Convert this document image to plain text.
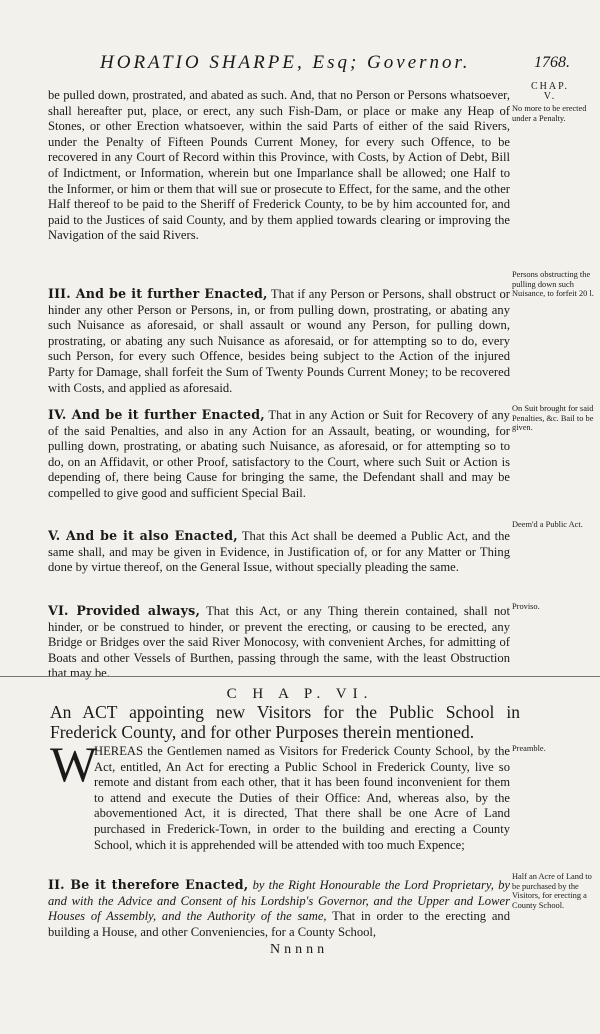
HORATIO SHARPE, Esq; Governor.	1768.
CHAP. V.
No more to be erected under a Penalty.

be pulled down, prostrated, and abated as such. And, that no Person or Persons whatsoever, shall hereafter put, place, or erect, any such Fish-Dam, or place or make any Heap of Stones, or other Erection whatsoever, within the said Parts of either of the said Rivers, under the Penalty of Fifteen Pounds Current Money, for every such Offence, to be recovered in any Court of Record within this Province, with Costs, by Action of Debt, Bill of Indictment, or Information, wherein but one Imparlance shall be allowed; one Half to the Informer, or him or them that will sue or prosecute to Effect, for the same, and the other Half thereof to be paid to the Sheriff of Frederick County, to be by him accounted for, and paid to the Justices of said County, and by them applied towards clearing or improving the Navigation of the said Rivers.

Persons obstructing the pulling down such Nuisance, to forfeit 20 l.

III. And be it further Enacted, That if any Person or Persons, shall obstruct or hinder any other Person or Persons, in, or from pulling down, prostrating, or abating any such Nuisance as aforesaid, or shall assault or wound any Person, for pulling down, prostrating, or abating any such Nuisance as aforesaid, or for attempting so to do, every such Person, for every such Offence, besides being subject to the Action of the injured Party for Damage, shall forfeit the Sum of Twenty Pounds Current Money; to be recovered with Costs, and applied as aforesaid.

On Suit brought for said Penalties, &c. Bail to be given.

IV. And be it further Enacted, That in any Action or Suit for Recovery of any of the said Penalties, and also in any Action for an Assault, beating, or wounding, for pulling down, prostrating, or abating such Nuisance, as aforesaid, or for attempting so to do, on an Affidavit, or other Proof, satisfactory to the Court, where such Suit or Action is depending of, there being Cause for bringing the same, the Defendant shall and may be compelled to give good and sufficient Special Bail.

Deem'd a Public Act.

V. And be it also Enacted, That this Act shall be deemed a Public Act, and the same shall, and may be given in Evidence, in Justification of, or for any Matter or Thing done by virtue thereof, on the General Issue, without specially pleading the same.

Proviso.

VI. Provided always, That this Act, or any Thing therein contained, shall not hinder, or be construed to hinder, or prevent the erecting, or causing to be erected, any Bridge or Bridges over the said River Monocosy, with convenient Arches, for admitting of Boats and other Vessels of Burthen, passing through the same, with the least Obstruction that may be.

C H A P. VI.

An ACT appointing new Visitors for the Public School in Frederick County, and for other Purposes therein mentioned.

W	Preamble.

HEREAS the Gentlemen named as Visitors for Frederick County School, by the Act, entitled, An Act for erecting a Public School in Frederick County, live so remote and distant from each other, that it has been found inconvenient for them to attend and execute the Duties of their Office: And, whereas also, by the abovementioned Act, it is directed, That there shall be one Acre of Land purchased in Frederick-Town, in order to the building and erecting a County School, which it is apprehended will be attended with too much Expence;

Half an Acre of Land to be purchased by the Visitors, for erecting a County School.

II. Be it therefore Enacted, by the Right Honourable the Lord Proprietary, by and with the Advice and Consent of his Lordship's Governor, and the Upper and Lower Houses of Assembly, and the Authority of the same, That in order to the erecting and building a House, and other Conveniencies, for a County School,

Nnnnn
